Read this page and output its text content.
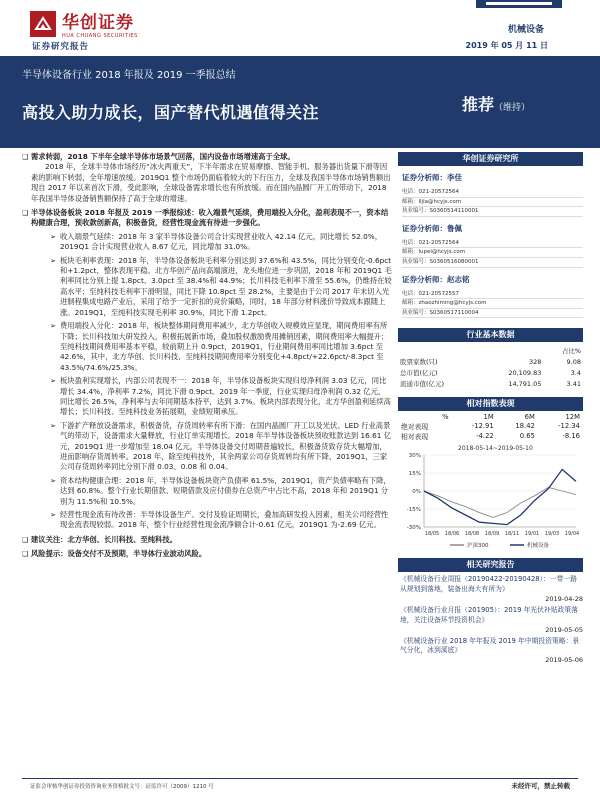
华创证券
HUA CHUANG SECURITIES
证券研究报告
机械设备
2019 年 05 月 11 日
半导体设备行业 2018 年报及 2019 一季报总结
高投入助力成长，国产替代机遇值得关注	推荐（维持）
❑ 需求转弱，2018 下半年全球半导体市场景气回落，国内设备市场增速高于全球。
2018 年，全球半导体市场经历“冰火两重天”，下半年需求在贸易摩擦、智能手机、服务器出货量下滑等因素的影响下转弱，全年增速放缓。2019Q1 整个市场仍面临着较大的下行压力，全球及我国半导体市场销售额出现自 2017 年以来首次下滑，受此影响，全球设备需求增长也有所放缓。而在国内晶圆厂开工的带动下，2018 年我国半导体设备销售额保持了高于全球的增速。
❑ 半导体设备板块 2018 年报及 2019 一季报综述：收入端景气延续，费用端投入分化，盈利表现不一，资本结构健康合理，预收款创新高，积极备货，经营性现金流有待进一步强化。
➢ 收入端景气延续：2018 年 3 家半导体设备公司合计实现营业收入 42.14 亿元，同比增长 52.0%，2019Q1 合计实现营业收入 8.67 亿元，同比增加 31.0%。
➢ 板块毛利率表现：2018 年，半导体设备板块毛利率分别达到 37.6%和 43.5%，同比分别变化-0.6pct 和+1.2pct，整体表现平稳。北方华创产品向高端演进，龙头地位进一步巩固，2018 年和 2019Q1 毛利率同比分别上提 1.8pct、3.0pct 至 38.4%和 44.9%；长川科技毛利率下滑至 55.6%，仍维持在较高水平；至纯科技毛利率下滑明显，同比下降 10.8pct 至 28.2%，主要是由于公司 2017 年末切入光进制程集成电路产业后，采用了给予一定折扣的竞价策略，同时，18 年部分材料涨价导致成本跟随上涨。2019Q1，至纯科技实现毛利率 30.9%，同比下滑 1.2pct。
➢ 费用端投入分化：2018 年，板块整体期间费用率减少，北方华创收入规模效应显现，期间费用率有所下降；长川科技加大研发投入，积极拓展新市场，叠加股权激励费用摊销因素，期间费用率大幅提升；至纯科技期间费用率基本平稳，较前期上升 0.9pct，2019Q1，行业期间费用率同比增加 3.6pct 至 42.6%，其中，北方华创、长川科技、至纯科技期间费用率分别变化+4.8pct/+22.6pct/-8.3pct 至 43.5%/74.6%/25.3%。
➢ 板块盈利实现增长，内部公司表现不一：2018 年，半导体设备板块实现归母净利润 3.03 亿元，同比增长 34.4%，净利率 7.2%，同比下滑 0.9pct。2019 年一季度，行业实现归母净利润 0.32 亿元，同比增长 26.5%，净利率与去年同期基本持平，达到 3.7%。板块内部表现分化，北方华创盈利延续高增长；长川科技、至纯科技业务拓展期，业绩短期承压。
➢ 下游扩产释放设备需求，积极备货，存货周转率有所下滑：在国内晶圆厂开工以及光伏、LED 行业高景气的带动下，设备需求大量释放，行业订单实现增长。2018 年半导体设备板块预收账款达到 16.61 亿元，2019Q1 进一步增加至 18.04 亿元。半导体设备交付周期普遍较长，积极备货致存货大幅增加，进而影响存货周转率。2018 年，除至纯科技外，其余两家公司存货周转均有所下降，2019Q1，三家公司存货周转率同比分别下滑 0.03、0.08 和 0.04。
➢ 资本结构健康合理：2018 年，半导体设备板块资产负债率 61.5%，2019Q1，资产负债率略有下降，达到 60.8%。整个行业长期借款、短期借款及应付债券在总资产中占比不高，2018 年和 2019Q1 分别为 11.5%和 10.5%。
➢ 经营性现金流有待改善：半导体设备生产、交付及验证周期长，叠加高研发投入因素，相关公司经营性现金流表现较弱。2018 年，整个行业经营性现金流净额合计-0.61 亿元，2019Q1 为-2.69 亿元。
❑ 建议关注：北方华创、长川科技、至纯科技。
❑ 风险提示：设备交付不及预期，半导体行业波动风险。
华创证券研究所
证券分析师：李佳
电话：021-20572564
邮箱：lijia@hcyjs.com
执业编号：S0360514110001
证券分析师：鲁佩
电话：021-20572564
邮箱：lupei@hcyjs.com
执业编号：S0360516080001
证券分析师：赵志铭
电话：021-20572557
邮箱：zhaozhiming@hcyjs.com
执业编号：S0360517110004
行业基本数据
		占比%
股票家数(只)	328	9.08
总市值(亿元)	20,109.83	3.4
流通市值(亿元)	14,791.05	3.41
相对指数表现
%	1M	6M	12M
绝对表现	-12.91	18.42	-12.34
相对表现	-4.22	0.65	-8.16
2018-05-14~2019-05-10
30%
15%
0%
-15%
-30%
18/05 18/06 18/08 18/09 18/11 19/01 19/03 19/04
沪深300	机械设备
相关研究报告
《机械设备行业周报（20190422-20190428）：一带一路从规划到落地，装备出海大有所为》
2019-04-28
《机械设备行业月报（201905）：2019 年光伏补贴政策落地，关注设备环节投资机会》
2019-05-05
《机械设备行业 2018 年年报及 2019 年中期投资策略：景气分化，冰到溪底》
2019-05-06
证监会审核华创证券投资咨询业务资格批文号：证监许可（2009）1210 号	未经许可，禁止转载
